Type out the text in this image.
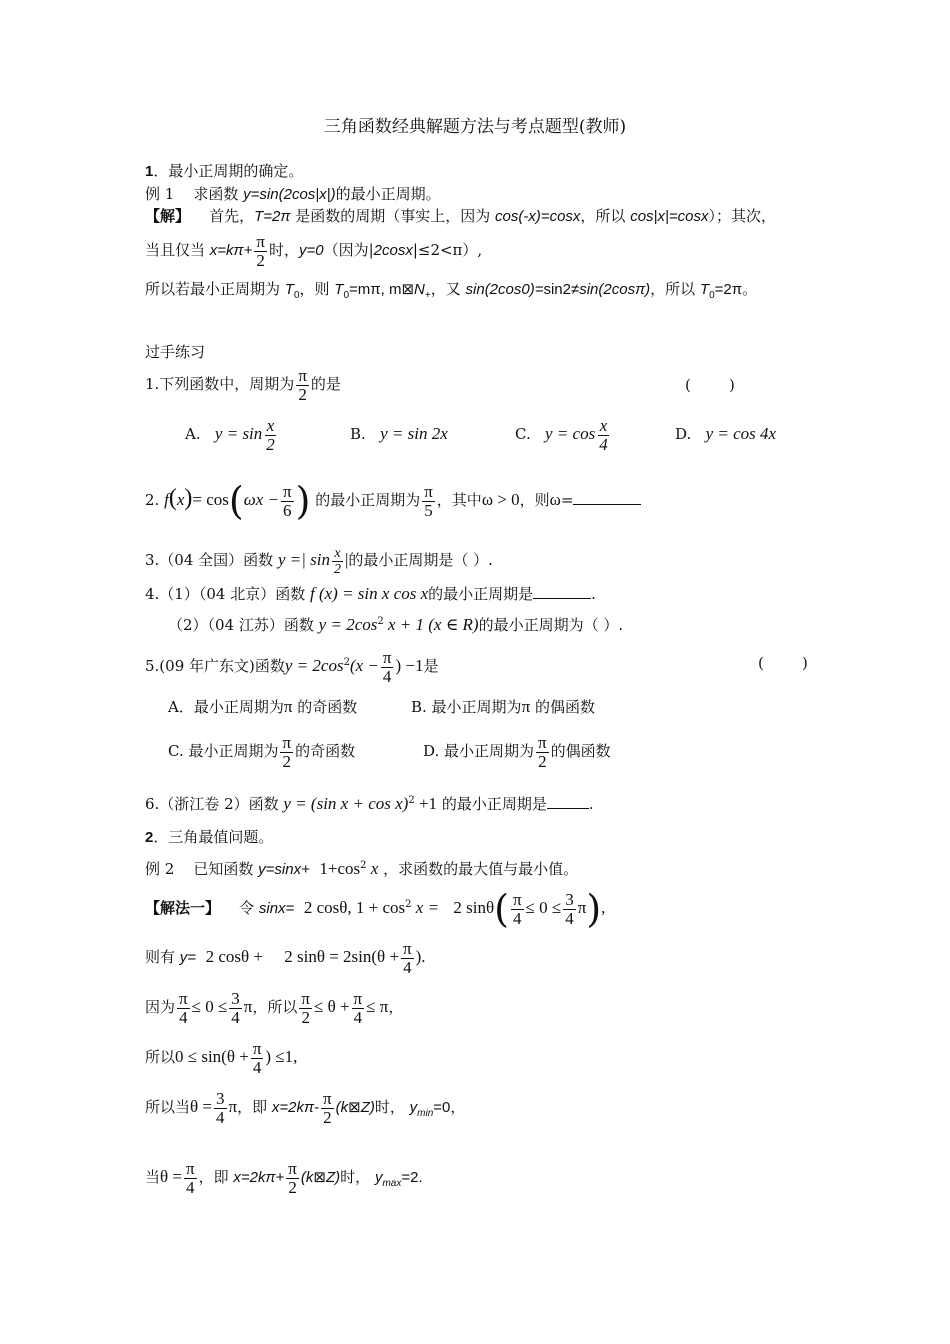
三角函数经典解题方法与考点题型(教师)
1．最小正周期的确定。
例 1 求函数 y=sin(2cos|x|)的最小正周期。
【解】 首先，T=2π 是函数的周期（事实上，因为 cos(-x)=cosx，所以 cos|x|=cosx）；其次，
当且仅当 $x=k\pi+ \frac{\pi}{2}$ 时，y=0（因为|2cosx|≤2<π）,
所以若最小正周期为 $T_0$，则 $T_0=m\pi$, $m⊠N_+$，又 sin(2cos0)=sin2≠sin(2cosπ)，所以 $T_0=2\pi$。
过手练习
1.下列函数中，周期为 $\frac{\pi}{2}$ 的是	(        )
A. $y = \sin \frac{x}{2}$	B. y = sin 2x	C. $y = \cos \frac{x}{4}$	D. y = cos 4x
2. $f(x)= \cos(\omega x - \frac{\pi}{6}$ ) 的最小正周期为 $\frac{\pi}{5}$ ，其中ω > 0，则ω=
3.（04 全国）函数 y =| $\sin \frac{x}{2}$ |的最小正周期是（ ）.
4.（1）（04 北京）函数 f (x) = sin x cos x的最小正周期是	.
（2）（04 江苏）函数 $y = 2\cos^2$ x + 1 (x ∈ R)的最小正周期为（ ）.
5.(09 年广东文)函数$y = 2\cos^2(x - \frac{\pi}{4}$ ) −1是	(        )
A．最小正周期为π 的奇函数	B. 最小正周期为π 的偶函数
C. 最小正周期为 $\frac{\pi}{2}$ 的奇函数	D. 最小正周期为 $\frac{\pi}{2}$ 的偶函数
6.（浙江卷 2）函数 y = (sin x + cos x)$^2$ +1 的最小正周期是	.
2．三角最值问题。
例 2 已知函数 $y=\sin x+ 1+\cos^2$ x ，求函数的最大值与最小值。
【解法一】 令 sinx= 2 cosθ, $1 + \cos^2 x = 2$ $\sin\theta( \frac{\pi}{4} \le 0 \le \frac{3}{4} \pi)$,
则有 y= 2 cosθ +     2 $\sin\theta = 2\sin(\theta + \frac{\pi}{4}$ ).
因为 $\frac{\pi}{4} \le 0 \le \frac{3}{4}$ π，所以 $\frac{\pi}{2} \le \theta + \frac{\pi}{4} \le \pi$，
所以$0 \le \sin(\theta + \frac{\pi}{4}$ ) ≤1,
所以当$\theta = \frac{3}{4}$ π，即 $x=2k\pi- \frac{\pi}{2}$ (k⊠Z)时， $y_{min}=0$，
当$\theta = \frac{\pi}{4}$ ，即 $x=2k\pi+ \frac{\pi}{2}$ (k⊠Z)时， $y_{max}=2$.
